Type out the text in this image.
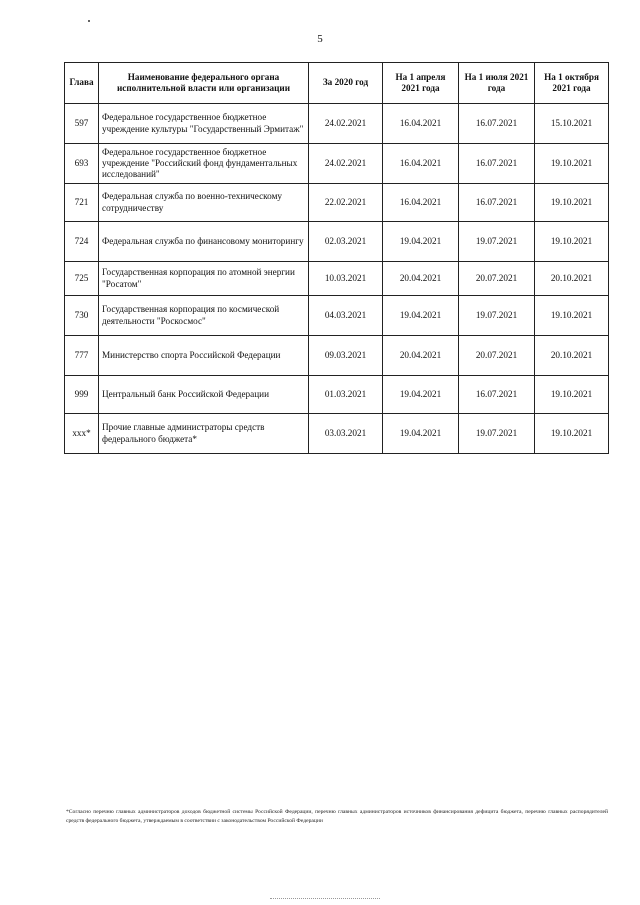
5
Глава	Наименование федерального органа исполнительной власти или организации	За 2020 год	На 1 апреля 2021 года	На 1 июля 2021 года	На 1 октября 2021 года
597	Федеральное государственное бюджетное учреждение культуры "Государственный Эрмитаж"	24.02.2021	16.04.2021	16.07.2021	15.10.2021
693	Федеральное государственное бюджетное учреждение "Российский фонд фундаментальных исследований"	24.02.2021	16.04.2021	16.07.2021	19.10.2021
721	Федеральная служба по военно-техническому сотрудничеству	22.02.2021	16.04.2021	16.07.2021	19.10.2021
724	Федеральная служба по финансовому мониторингу	02.03.2021	19.04.2021	19.07.2021	19.10.2021
725	Государственная корпорация по атомной энергии "Росатом"	10.03.2021	20.04.2021	20.07.2021	20.10.2021
730	Государственная корпорация по космической деятельности "Роскосмос"	04.03.2021	19.04.2021	19.07.2021	19.10.2021
777	Министерство спорта Российской Федерации	09.03.2021	20.04.2021	20.07.2021	20.10.2021
999	Центральный банк Российской Федерации	01.03.2021	19.04.2021	16.07.2021	19.10.2021
ххх*	Прочие главные администраторы средств федерального бюджета*	03.03.2021	19.04.2021	19.07.2021	19.10.2021
*Согласно перечню главных администраторов доходов бюджетной системы Российской Федерации, перечню главных администраторов источников финансирования дефицита бюджета, перечню главных распорядителей средств федерального бюджета, утверждаемым в соответствии с законодательством Российской Федерации
